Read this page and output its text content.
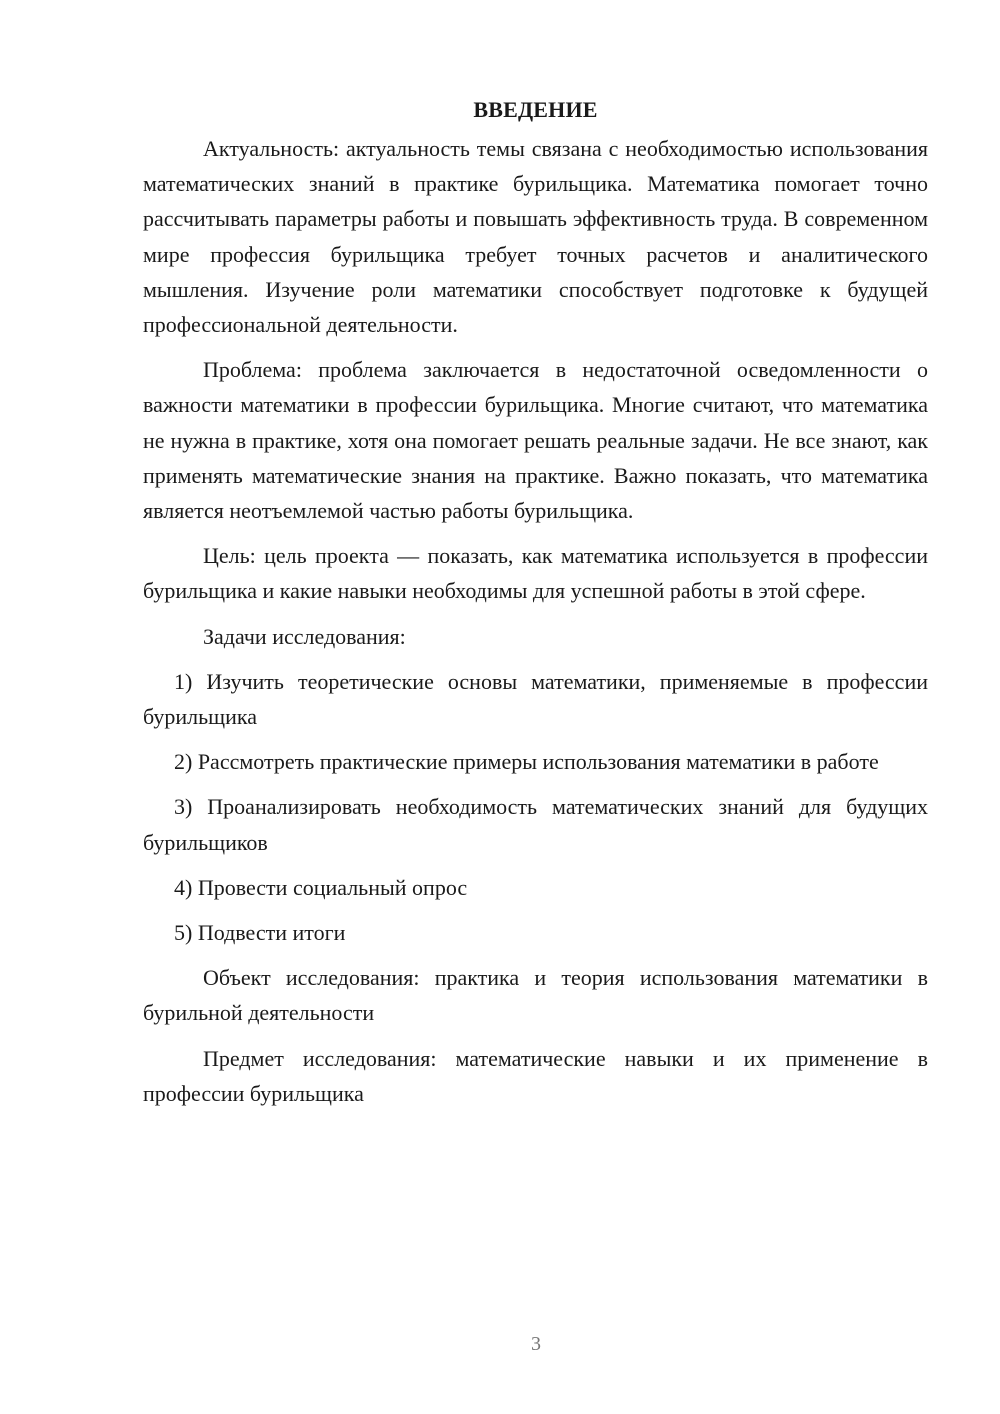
ВВЕДЕНИЕ

Актуальность: актуальность темы связана с необходимостью использования математических знаний в практике бурильщика. Математика помогает точно рассчитывать параметры работы и повышать эффективность труда. В современном мире профессия бурильщика требует точных расчетов и аналитического мышления. Изучение роли математики способствует подготовке к будущей профессиональной деятельности.

Проблема: проблема заключается в недостаточной осведомленности о важности математики в профессии бурильщика. Многие считают, что математика не нужна в практике, хотя она помогает решать реальные задачи. Не все знают, как применять математические знания на практике. Важно показать, что математика является неотъемлемой частью работы бурильщика.

Цель: цель проекта — показать, как математика используется в профессии бурильщика и какие навыки необходимы для успешной работы в этой сфере.

Задачи исследования:

1) Изучить теоретические основы математики, применяемые в профессии бурильщика

2) Рассмотреть практические примеры использования математики в работе

3) Проанализировать необходимость математических знаний для будущих бурильщиков

4) Провести социальный опрос

5) Подвести итоги

Объект исследования: практика и теория использования математики в бурильной деятельности

Предмет исследования: математические навыки и их применение в профессии бурильщика

3
